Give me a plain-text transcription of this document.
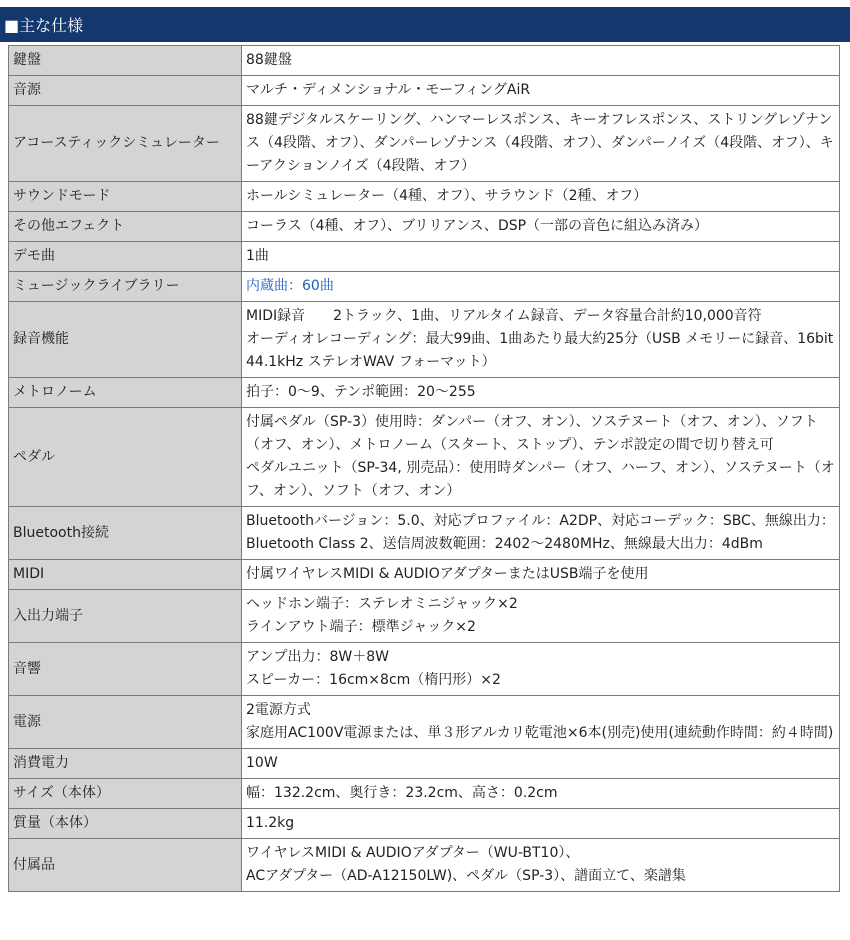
■主な仕様
鍵盤	88鍵盤

音源	マルチ・ディメンショナル・モーフィングAiR

アコースティックシミュレーター	88鍵デジタルスケーリング、ハンマーレスポンス、キーオフレスポンス、ストリングレゾナンス（4段階、オフ）、ダンパーレゾナンス（4段階、オフ）、ダンパーノイズ（4段階、オフ）、キーアクションノイズ（4段階、オフ）

サウンドモード	ホールシミュレーター（4種、オフ）、サラウンド（2種、オフ）

その他エフェクト	コーラス（4種、オフ）、ブリリアンス、DSP（一部の音色に組込み済み）

デモ曲	1曲

ミュージックライブラリー	内蔵曲：60曲

録音機能	MIDI録音　　2トラック、1曲、リアルタイム録音、データ容量合計約10,000音符
オーディオレコーディング：最大99曲、1曲あたり最大約25分（USB メモリーに録音、16bit 44.1kHz ステレオWAV フォーマット）

メトロノーム	拍子：0～9、テンポ範囲：20～255

ペダル	付属ペダル（SP-3）使用時：ダンパー（オフ、オン）、ソステヌート（オフ、オン）、ソフト（オフ、オン）、メトロノーム（スタート、ストップ）、テンポ設定の間で切り替え可
ペダルユニット（SP-34, 別売品）：使用時ダンパー（オフ、ハーフ、オン）、ソステヌート（オフ、オン）、ソフト（オフ、オン）

Bluetooth接続	Bluetoothバージョン：5.0、対応プロファイル：A2DP、対応コーデック：SBC、無線出力：Bluetooth Class 2、送信周波数範囲：2402～2480MHz、無線最大出力：4dBm

MIDI	付属ワイヤレスMIDI & AUDIOアダプターまたはUSB端子を使用

入出力端子	ヘッドホン端子：ステレオミニジャック×2
ラインアウト端子：標準ジャック×2

音響	アンプ出力：8W＋8W
スピーカー：16cm×8cm（楕円形）×2

電源	2電源方式
家庭用AC100V電源または、単３形アルカリ乾電池×6本(別売)使用(連続動作時間：約４時間)

消費電力	10W

サイズ（本体）	幅：132.2cm、奥行き：23.2cm、高さ：0.2cm

質量（本体）	11.2kg

付属品	ワイヤレスMIDI & AUDIOアダプター（WU-BT10）、
ACアダプター（AD-A12150LW)、ペダル（SP-3）、譜面立て、楽譜集
